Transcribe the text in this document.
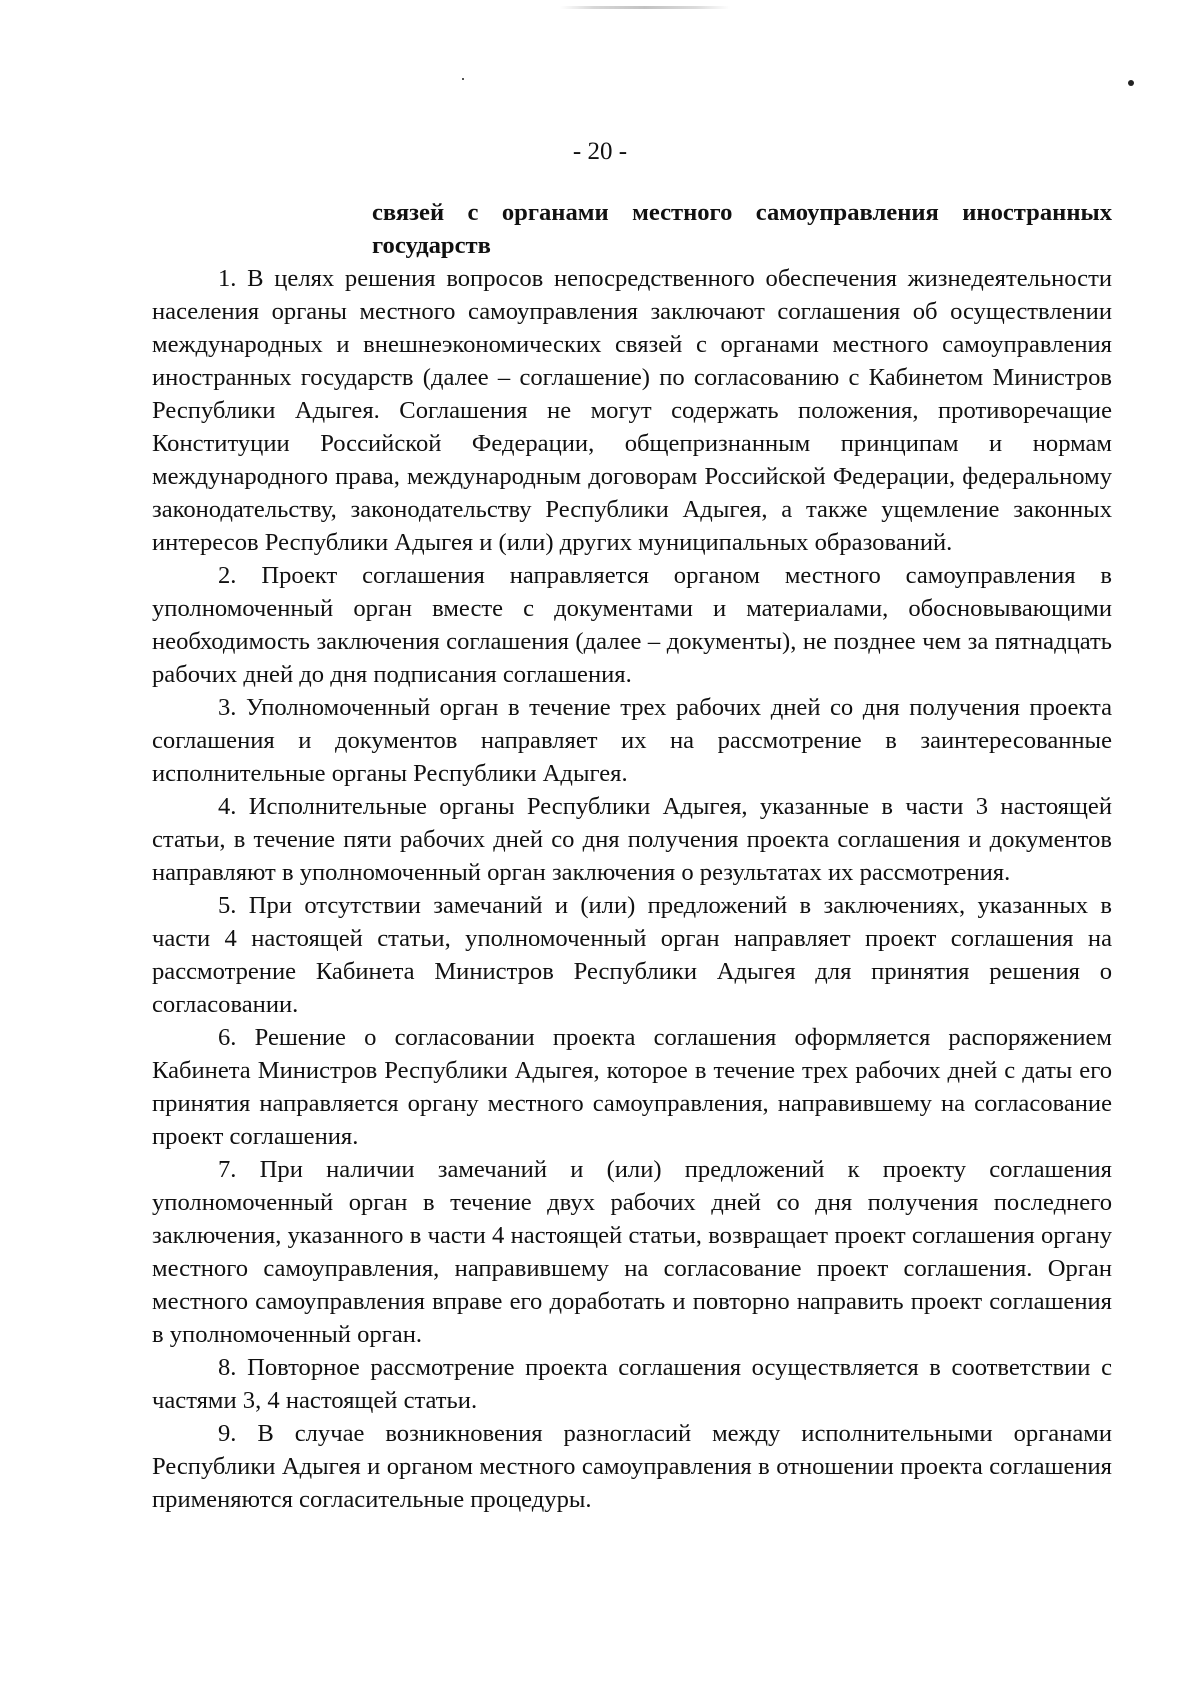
- 20 -

связей с органами местного самоуправления иностранных государств

1. В целях решения вопросов непосредственного обеспечения жизнедеятельности населения органы местного самоуправления заключают соглашения об осуществлении международных и внешнеэкономических связей с органами местного самоуправления иностранных государств (далее – соглашение) по согласованию с Кабинетом Министров Республики Адыгея. Соглашения не могут содержать положения, противоречащие Конституции Российской Федерации, общепризнанным принципам и нормам международного права, международным договорам Российской Федерации, федеральному законодательству, законодательству Республики Адыгея, а также ущемление законных интересов Республики Адыгея и (или) других муниципальных образований.

2. Проект соглашения направляется органом местного самоуправления в уполномоченный орган вместе с документами и материалами, обосновывающими необходимость заключения соглашения (далее – документы), не позднее чем за пятнадцать рабочих дней до дня подписания соглашения.

3. Уполномоченный орган в течение трех рабочих дней со дня получения проекта соглашения и документов направляет их на рассмотрение в заинтересованные исполнительные органы Республики Адыгея.

4. Исполнительные органы Республики Адыгея, указанные в части 3 настоящей статьи, в течение пяти рабочих дней со дня получения проекта соглашения и документов направляют в уполномоченный орган заключения о результатах их рассмотрения.

5. При отсутствии замечаний и (или) предложений в заключениях, указанных в части 4 настоящей статьи, уполномоченный орган направляет проект соглашения на рассмотрение Кабинета Министров Республики Адыгея для принятия решения о согласовании.

6. Решение о согласовании проекта соглашения оформляется распоряжением Кабинета Министров Республики Адыгея, которое в течение трех рабочих дней с даты его принятия направляется органу местного самоуправления, направившему на согласование проект соглашения.

7. При наличии замечаний и (или) предложений к проекту соглашения уполномоченный орган в течение двух рабочих дней со дня получения последнего заключения, указанного в части 4 настоящей статьи, возвращает проект соглашения органу местного самоуправления, направившему на согласование проект соглашения. Орган местного самоуправления вправе его доработать и повторно направить проект соглашения в уполномоченный орган.

8. Повторное рассмотрение проекта соглашения осуществляется в соответствии с частями 3, 4 настоящей статьи.

9. В случае возникновения разногласий между исполнительными органами Республики Адыгея и органом местного самоуправления в отношении проекта соглашения применяются согласительные процедуры.
